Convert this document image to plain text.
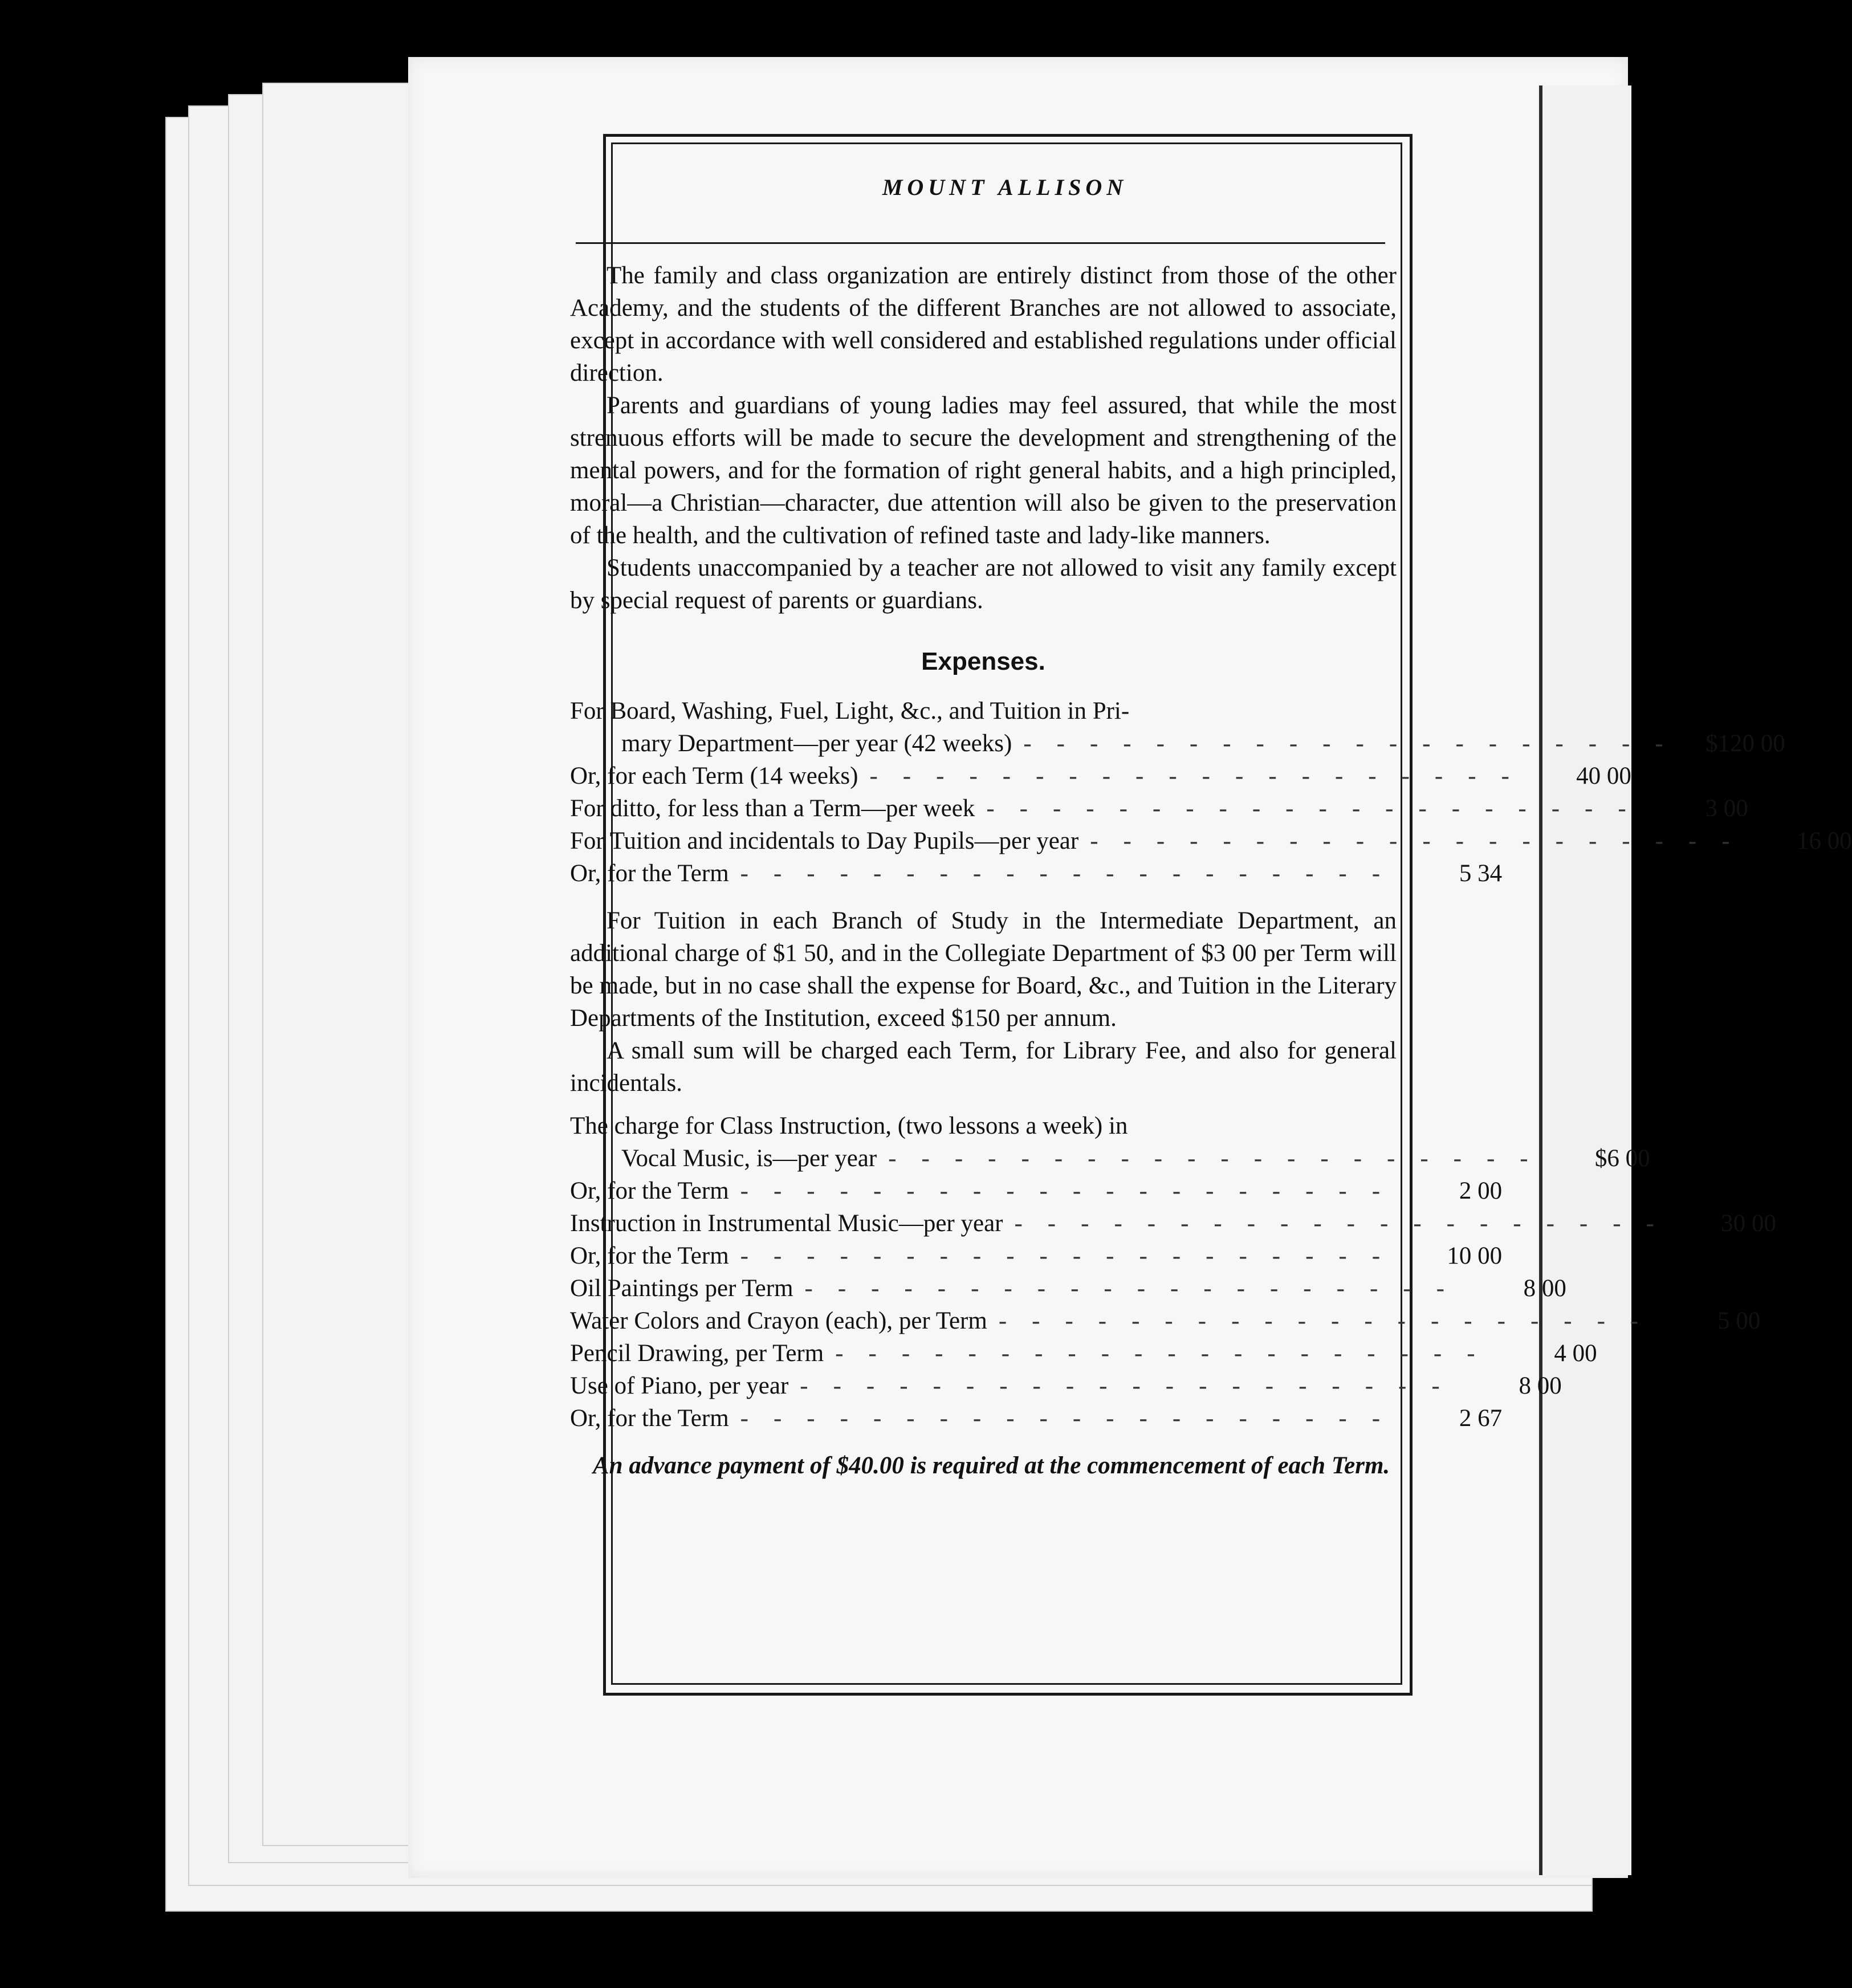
MOUNT ALLISON

The family and class organization are entirely distinct from those of the other Academy, and the students of the different Branches are not allowed to associate, except in accordance with well considered and established regulations under official direction.

Parents and guardians of young ladies may feel assured, that while the most strenuous efforts will be made to secure the development and strengthening of the mental powers, and for the formation of right general habits, and a high principled, moral—a Christian—character, due attention will also be given to the preservation of the health, and the cultivation of refined taste and lady-like manners.

Students unaccompanied by a teacher are not allowed to visit any family except by special request of parents or guardians.

Expenses.
For Board, Washing, Fuel, Light, &c., and Tuition in Pri-
mary Department—per year (42 weeks) -------------------- $120 00
Or, for each Term (14 weeks) --------------------	40 00
For ditto, for less than a Term—per week --------------------	3 00
For Tuition and incidentals to Day Pupils—per year --------------------	16 00
Or, for the Term --------------------	5 34

For Tuition in each Branch of Study in the Intermediate Department, an additional charge of $1 50, and in the Collegiate Department of $3 00 per Term will be made, but in no case shall the expense for Board, &c., and Tuition in the Literary Departments of the Institution, exceed $150 per annum.

A small sum will be charged each Term, for Library Fee, and also for general incidentals.

The charge for Class Instruction, (two lessons a week) in
Vocal Music, is—per year --------------------	$6 00
Or, for the Term --------------------	2 00
Instruction in Instrumental Music—per year --------------------	30 00
Or, for the Term --------------------	10 00
Oil Paintings per Term --------------------	8 00
Water Colors and Crayon (each), per Term --------------------	5 00
Pencil Drawing, per Term --------------------	4 00
Use of Piano, per year --------------------	8 00
Or, for the Term --------------------	2 67

An advance payment of $40.00 is required at the commencement of each Term.
